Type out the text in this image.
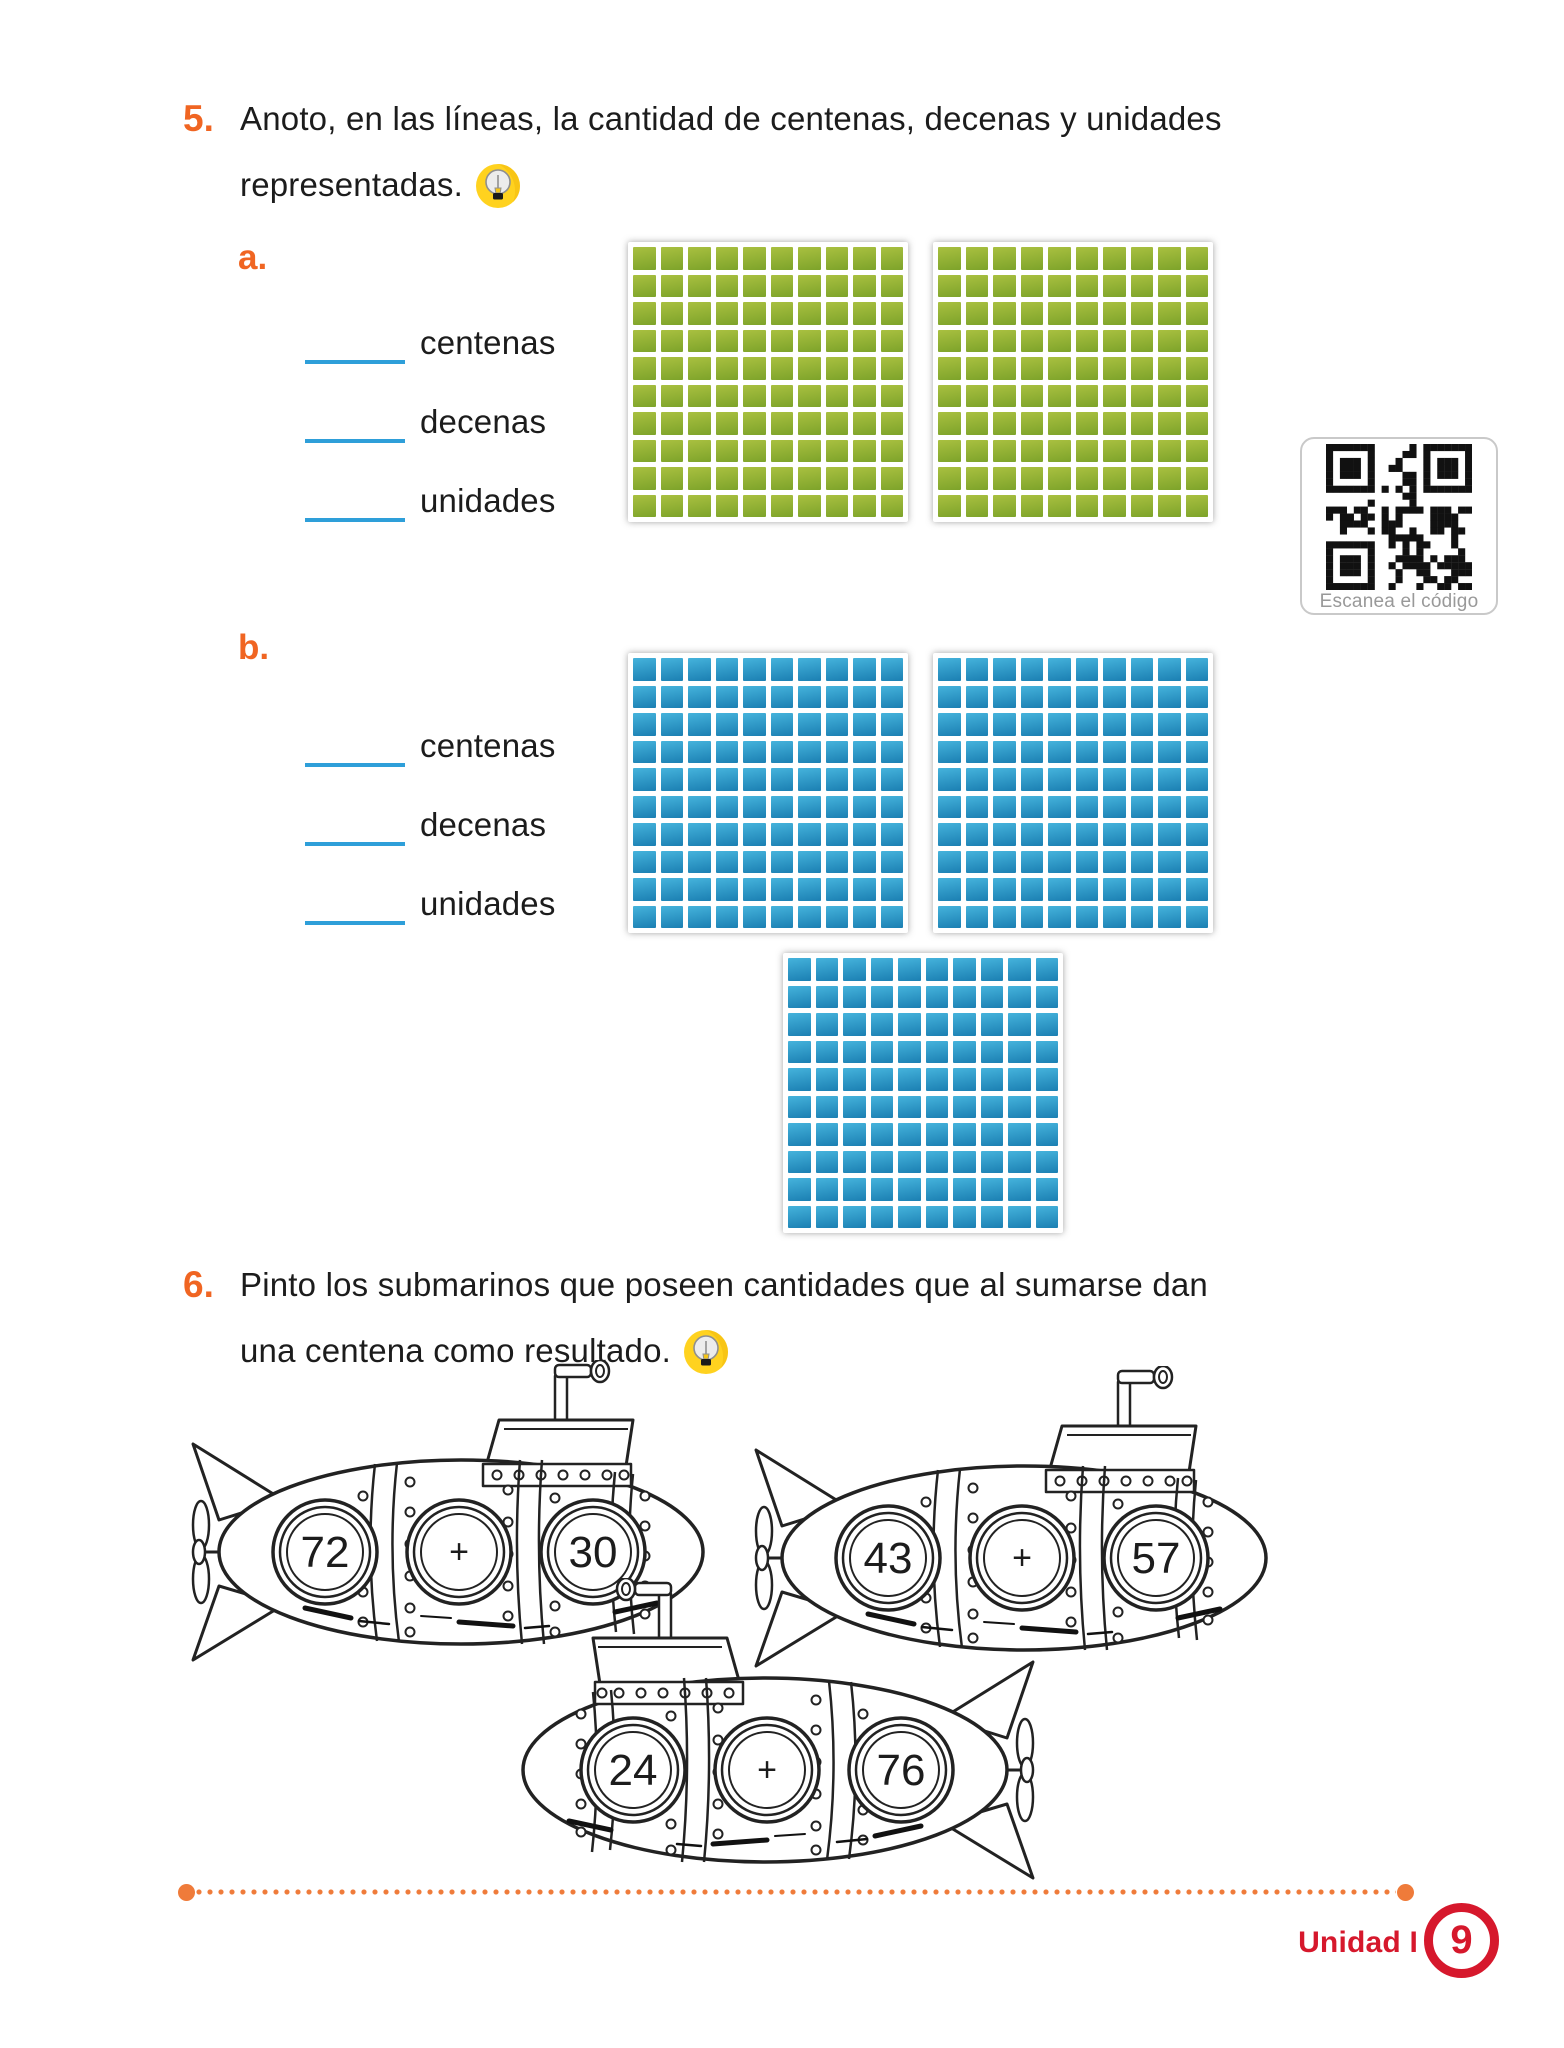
5. Anoto, en las líneas, la cantidad de centenas, decenas y unidades
representadas.
a.
centenas
decenas
unidades
Escanea el código
b.
centenas
decenas
unidades
6. Pinto los submarinos que poseen cantidades que al sumarse dan
una centena como resultado.
72	+ 30	43	+ 57
24	+ 76
Unidad I 9
